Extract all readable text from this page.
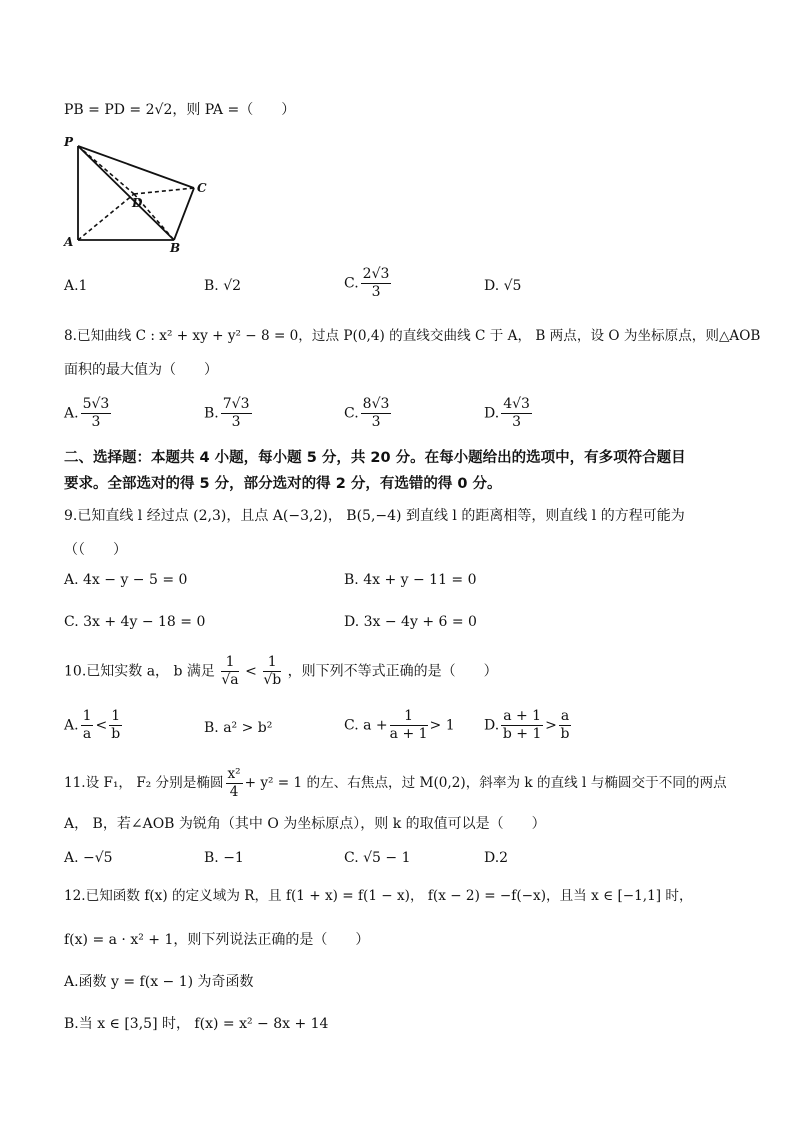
PB = PD = 2√2，则 PA =（　　）
P
D
C
A	B
A.1	B. √2	C. $\frac{2√3}{3}$	D. √5
8.已知曲线 C : x² + xy + y² − 8 = 0，过点 P(0,4) 的直线交曲线 C 于 A， B 两点，设 O 为坐标原点，则△AOB
面积的最大值为（　　）
A. $\frac{5√3}{3}$	B. $\frac{7√3}{3}$	C. $\frac{8√3}{3}$	D. $\frac{4√3}{3}$
二、选择题：本题共 4 小题，每小题 5 分，共 20 分。在每小题给出的选项中，有多项符合题目
要求。全部选对的得 5 分，部分选对的得 2 分，有选错的得 0 分。
9.已知直线 l 经过点 (2,3)，且点 A(−3,2)， B(5,−4) 到直线 l 的距离相等，则直线 l 的方程可能为
（（　　）
A. 4x − y − 5 = 0	B. 4x + y − 11 = 0
C. 3x + 4y − 18 = 0	D. 3x − 4y + 6 = 0
10.已知实数 a， b 满足 $\frac{1}{√a} < \frac{1}{√b}$ ，则下列不等式正确的是（　　）
A. $\frac{1}{a} < \frac{1}{b}$	B. a² > b²	C. $a + \frac{1}{a + 1} > 1$ D. $\frac{a + 1}{b + 1} > \frac{a}{b}$
11.设 F₁， F₂ 分别是椭圆 $\frac{\text{x²}}{4} + y^2 = 1$ 的左、右焦点，过 M(0,2)，斜率为 k 的直线 l 与椭圆交于不同的两点
A， B，若∠AOB 为锐角（其中 O 为坐标原点），则 k 的取值可以是（　　）
A. −√5	B. −1	C. √5 − 1	D.2
12.已知函数 f(x) 的定义域为 R，且 f(1 + x) = f(1 − x)， f(x − 2) = −f(−x)，且当 x ∈ [−1,1] 时，
f(x) = a · x² + 1，则下列说法正确的是（　　）
A.函数 y = f(x − 1) 为奇函数
B.当 x ∈ [3,5] 时， f(x) = x² − 8x + 14
